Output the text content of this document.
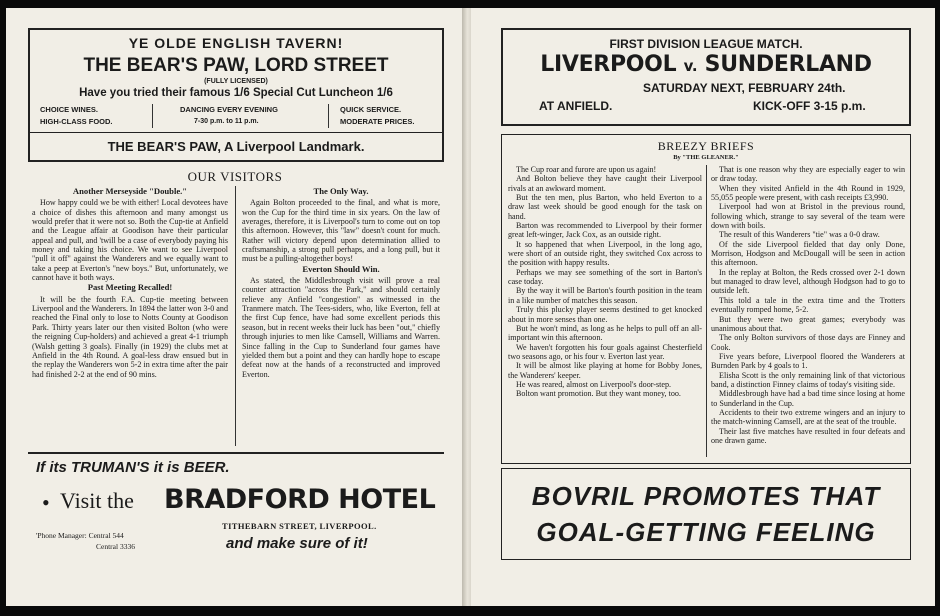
YE OLDE ENGLISH TAVERN!
THE BEAR'S PAW, LORD STREET
(FULLY LICENSED)
Have you tried their famous 1/6 Special Cut Luncheon 1/6
CHOICE WINES.
HIGH-CLASS FOOD.
DANCING EVERY EVENING
7-30 p.m. to 11 p.m.
QUICK SERVICE.
MODERATE PRICES.
THE BEAR'S PAW, A Liverpool Landmark.
OUR VISITORS
Another Merseyside "Double."

How happy could we be with either! Local devotees have a choice of dishes this afternoon and many amongst us would prefer that it were not so. Both the Cup-tie at Anfield and the League affair at Goodison have their particular appeal and pull, and 'twill be a case of everybody paying his money and taking his choice. We want to see Liverpool "pull it off" against the Wanderers and we equally want to take a peep at Everton's "new boys." But, unfortunately, we cannot have it both ways.

Past Meeting Recalled!

It will be the fourth F.A. Cup-tie meeting between Liverpool and the Wanderers. In 1894 the latter won 3-0 and reached the Final only to lose to Notts County at Goodison Park. Thirty years later our then visited Bolton (who were the reigning Cup-holders) and achieved a great 4-1 triumph (Walsh getting 3 goals). Finally (in 1929) the clubs met at Anfield in the 4th Round. A goal-less draw ensued but in the replay the Wanderers won 5-2 in extra time after the pair had finished 2-2 at the end of 90 mins.

The Only Way.

Again Bolton proceeded to the final, and what is more, won the Cup for the third time in six years. On the law of averages, therefore, it is Liverpool's turn to come out on top this afternoon. However, this "law" doesn't count for much. Rather will victory depend upon determination allied to craftsmanship, a strong pull perhaps, and a long pull, but it must be a pulling-altogether boys!

Everton Should Win.

As stated, the Middlesbrough visit will prove a real counter attraction "across the Park," and should certainly relieve any Anfield "congestion" as witnessed in the Tranmere match. The Tees-siders, who, like Everton, fell at the first Cup fence, have had some excellent periods this season, but in recent weeks their luck has been "out," chiefly through injuries to men like Camsell, Williams and Warren. Since falling in the Cup to Sunderland four games have yielded them but a point and they can hardly hope to escape defeat now at the hands of a reconstructed and improved Everton.

If its TRUMAN'S it is BEER.
• Visit the BRADFORD HOTEL
TITHEBARN STREET, LIVERPOOL.
'Phone Manager: Central 544
Central 3336	and make sure of it!
FIRST DIVISION LEAGUE MATCH.
LIVERPOOL v. SUNDERLAND
SATURDAY NEXT, FEBRUARY 24th.
AT ANFIELD.	KICK-OFF 3-15 p.m.
BREEZY BRIEFS
By "THE GLEANER."

The Cup roar and furore are upon us again!

And Bolton believe they have caught their Liverpool rivals at an awkward moment.

But the ten men, plus Barton, who held Everton to a draw last week should be good enough for the task on hand.

Barton was recommended to Liverpool by their former great left-winger, Jack Cox, as an outside right.

It so happened that when Liverpool, in the long ago, were short of an outside right, they switched Cox across to the position with happy results.

Perhaps we may see something of the sort in Barton's case today.

By the way it will be Barton's fourth position in the team in a like number of matches this season.

Truly this plucky player seems destined to get knocked about in more senses than one.

But he won't mind, as long as he helps to pull off an all-important win this afternoon.

We haven't forgotten his four goals against Chesterfield two seasons ago, or his four v. Everton last year.

It will be almost like playing at home for Bobby Jones, the Wanderers' keeper.

He was reared, almost on Liverpool's door-step.

Bolton want promotion. But they want money, too.

That is one reason why they are especially eager to win or draw today.

When they visited Anfield in the 4th Round in 1929, 55,055 people were present, with cash receipts £3,990.

Liverpool had won at Bristol in the previous round, following which, strange to say several of the team were down with boils.

The result of this Wanderers "tie" was a 0-0 draw.

Of the side Liverpool fielded that day only Done, Morrison, Hodgson and McDougall will be seen in action this afternoon.

In the replay at Bolton, the Reds crossed over 2-1 down but managed to draw level, although Hodgson had to go to outside left.

This told a tale in the extra time and the Trotters eventually romped home, 5-2.

But they were two great games; everybody was unanimous about that.

The only Bolton survivors of those days are Finney and Cook.

Five years before, Liverpool floored the Wanderers at Burnden Park by 4 goals to 1.

Elisha Scott is the only remaining link of that victorious band, a distinction Finney claims of today's visiting side.

Middlesbrough have had a bad time since losing at home to Sunderland in the Cup.

Accidents to their two extreme wingers and an injury to the match-winning Camsell, are at the seat of the trouble.

Their last five matches have resulted in four defeats and one drawn game.

BOVRIL PROMOTES THAT
GOAL-GETTING FEELING
